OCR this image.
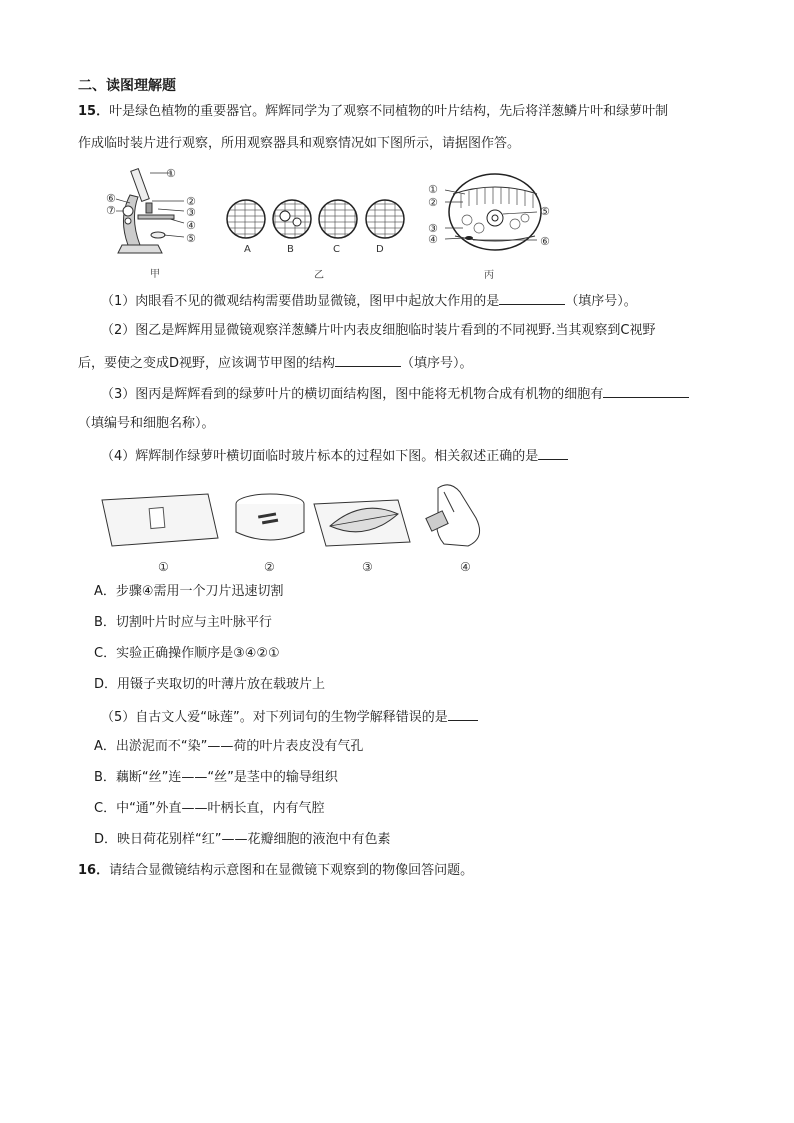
二、读图理解题
15．叶是绿色植物的重要器官。辉辉同学为了观察不同植物的叶片结构，先后将洋葱鳞片叶和绿萝叶制
作成临时装片进行观察，所用观察器具和观察情况如下图所示，请据图作答。
①
②
③
④
⑤
⑥
⑦
甲
A	B	C	D
乙
①
②
③
④
⑤
⑥
丙
（1）肉眼看不见的微观结构需要借助显微镜，图甲中起放大作用的是	（填序号）。
（2）图乙是辉辉用显微镜观察洋葱鳞片叶内表皮细胞临时装片看到的不同视野.当其观察到C视野
后，要使之变成D视野，应该调节甲图的结构	（填序号）。
（3）图丙是辉辉看到的绿萝叶片的横切面结构图，图中能将无机物合成有机物的细胞有
（填编号和细胞名称）。
（4）辉辉制作绿萝叶横切面临时玻片标本的过程如下图。相关叙述正确的是
①	②	③	④
A．步骤④需用一个刀片迅速切割
B．切割叶片时应与主叶脉平行
C．实验正确操作顺序是③④②①
D．用镊子夹取切的叶薄片放在载玻片上
（5）自古文人爱“咏莲”。对下列词句的生物学解释错误的是
A．出淤泥而不“染”——荷的叶片表皮没有气孔
B．藕断“丝”连——“丝”是茎中的输导组织
C．中“通”外直——叶柄长直，内有气腔
D．映日荷花别样“红”——花瓣细胞的液泡中有色素
16．请结合显微镜结构示意图和在显微镜下观察到的物像回答问题。
